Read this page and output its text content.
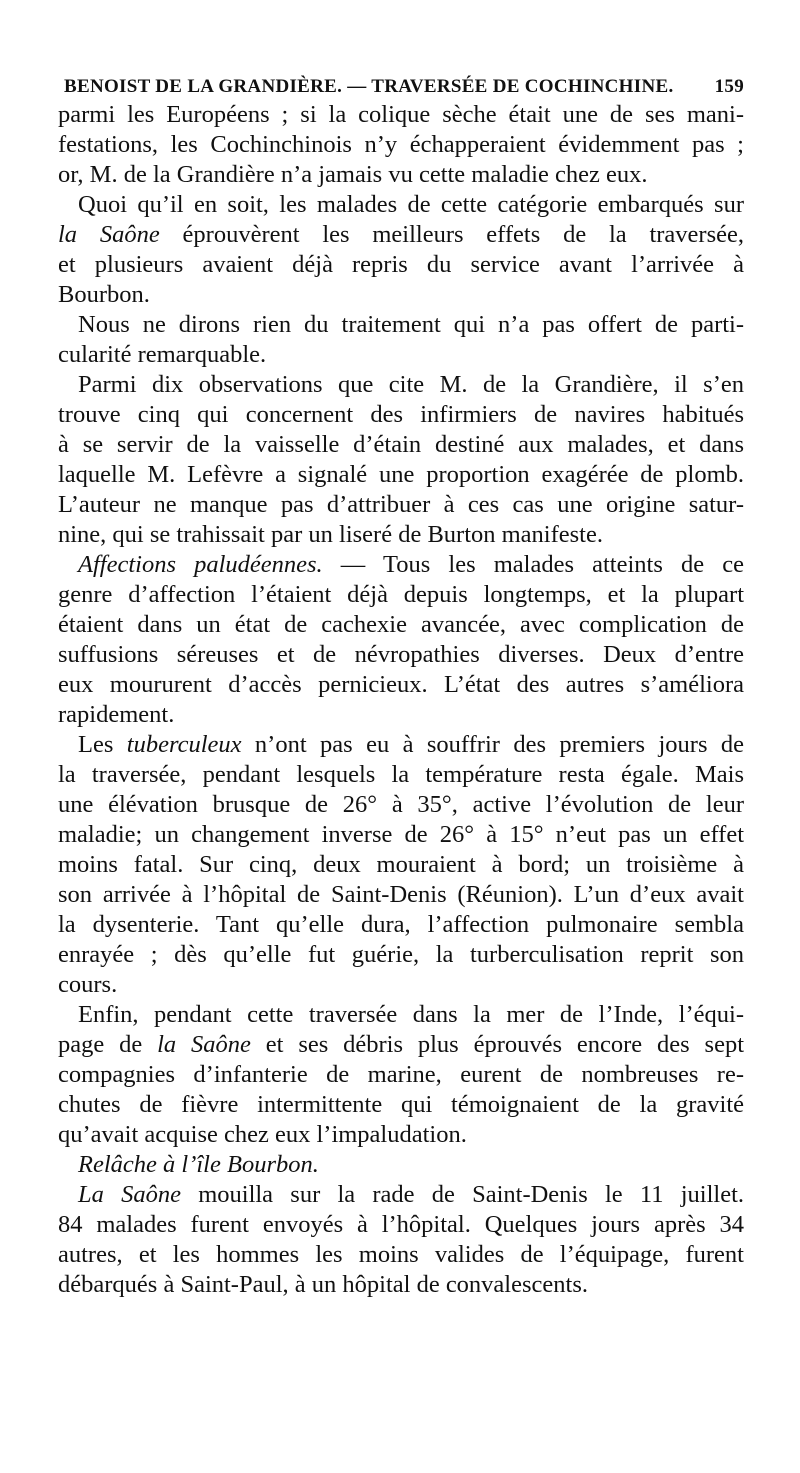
BENOIST DE LA GRANDIÈRE. — TRAVERSÉE DE COCHINCHINE. 159
parmi les Européens ; si la colique sèche était une de ses mani-
festations, les Cochinchinois n’y échapperaient évidemment pas ;
or, M. de la Grandière n’a jamais vu cette maladie chez eux.
Quoi qu’il en soit, les malades de cette catégorie embarqués sur
la Saône éprouvèrent les meilleurs effets de la traversée,
et plusieurs avaient déjà repris du service avant l’arrivée à
Bourbon.
Nous ne dirons rien du traitement qui n’a pas offert de parti-
cularité remarquable.
Parmi dix observations que cite M. de la Grandière, il s’en
trouve cinq qui concernent des infirmiers de navires habitués
à se servir de la vaisselle d’étain destiné aux malades, et dans
laquelle M. Lefèvre a signalé une proportion exagérée de plomb.
L’auteur ne manque pas d’attribuer à ces cas une origine satur-
nine, qui se trahissait par un liseré de Burton manifeste.
Affections paludéennes. — Tous les malades atteints de ce
genre d’affection l’étaient déjà depuis longtemps, et la plupart
étaient dans un état de cachexie avancée, avec complication de
suffusions séreuses et de névropathies diverses. Deux d’entre
eux moururent d’accès pernicieux. L’état des autres s’améliora
rapidement.
Les tuberculeux n’ont pas eu à souffrir des premiers jours de
la traversée, pendant lesquels la température resta égale. Mais
une élévation brusque de 26° à 35°, active l’évolution de leur
maladie; un changement inverse de 26° à 15° n’eut pas un effet
moins fatal. Sur cinq, deux mouraient à bord; un troisième à
son arrivée à l’hôpital de Saint-Denis (Réunion). L’un d’eux avait
la dysenterie. Tant qu’elle dura, l’affection pulmonaire sembla
enrayée ; dès qu’elle fut guérie, la turberculisation reprit son
cours.
Enfin, pendant cette traversée dans la mer de l’Inde, l’équi-
page de la Saône et ses débris plus éprouvés encore des sept
compagnies d’infanterie de marine, eurent de nombreuses re-
chutes de fièvre intermittente qui témoignaient de la gravité
qu’avait acquise chez eux l’impaludation.
Relâche à l’île Bourbon.
La Saône mouilla sur la rade de Saint-Denis le 11 juillet.
84 malades furent envoyés à l’hôpital. Quelques jours après 34
autres, et les hommes les moins valides de l’équipage, furent
débarqués à Saint-Paul, à un hôpital de convalescents.
